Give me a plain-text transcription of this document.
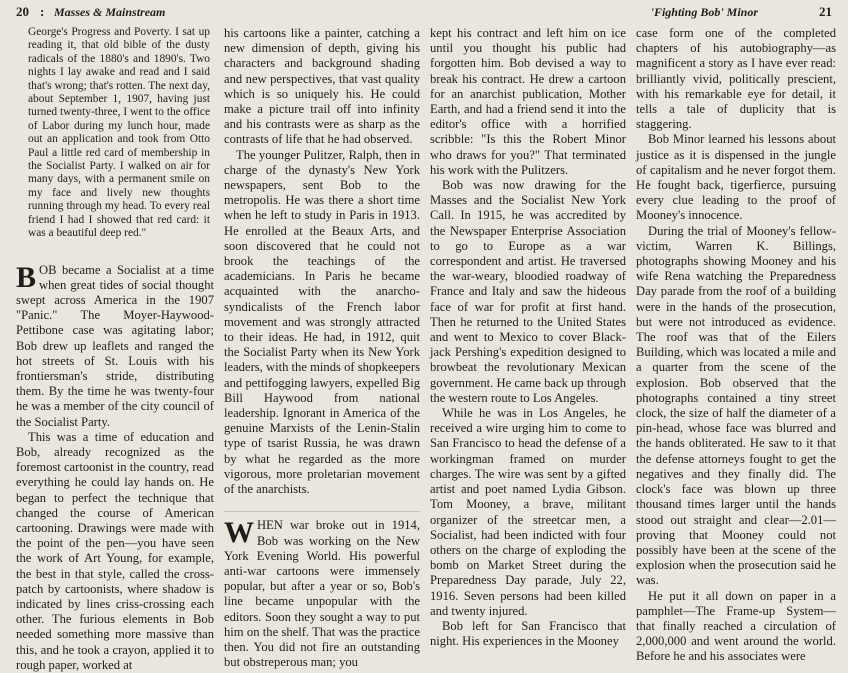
20 : Masses & Mainstream	'Fighting Bob' Minor	21

George's Progress and Poverty. I sat up reading it, that old bible of the dusty radicals of the 1880's and 1890's. Two nights I lay awake and read and I said that's wrong; that's rotten. The next day, about September 1, 1907, having just turned twenty-three, I went to the office of Labor during my lunch hour, made out an application and took from Otto Paul a little red card of membership in the Socialist Party. I walked on air for many days, with a permanent smile on my face and lively new thoughts running through my head. To every real friend I had I showed that red card: it was a beautiful deep red."

BOB became a Socialist at a time when great tides of social thought swept across America in the 1907 "Panic." The Moyer-Haywood-Pettibone case was agitating labor; Bob drew up leaflets and ranged the hot streets of St. Louis with his frontiersman's stride, distributing them. By the time he was twenty-four he was a member of the city council of the Socialist Party.

This was a time of education and Bob, already recognized as the foremost cartoonist in the country, read everything he could lay hands on. He began to perfect the technique that changed the course of American cartooning. Drawings were made with the point of the pen—you have seen the work of Art Young, for example, the best in that style, called the cross-patch by cartoonists, where shadow is indicated by lines criss-crossing each other. The furious elements in Bob needed something more massive than this, and he took a crayon, applied it to rough paper, worked at

his cartoons like a painter, catching a new dimension of depth, giving his characters and background shading and new perspectives, that vast quality which is so uniquely his. He could make a picture trail off into infinity and his contrasts were as sharp as the contrasts of life that he had observed.

The younger Pulitzer, Ralph, then in charge of the dynasty's New York newspapers, sent Bob to the metropolis. He was there a short time when he left to study in Paris in 1913. He enrolled at the Beaux Arts, and soon discovered that he could not brook the teachings of the academicians. In Paris he became acquainted with the anarcho-syndicalists of the French labor movement and was strongly attracted to their ideas. He had, in 1912, quit the Socialist Party when its New York leaders, with the minds of shopkeepers and pettifogging lawyers, expelled Big Bill Haywood from national leadership. Ignorant in America of the genuine Marxists of the Lenin-Stalin type of tsarist Russia, he was drawn by what he regarded as the more vigorous, more proletarian movement of the anarchists.

WHEN war broke out in 1914, Bob was working on the New York Evening World. His powerful anti-war cartoons were immensely popular, but after a year or so, Bob's line became unpopular with the editors. Soon they sought a way to put him on the shelf. That was the practice then. You did not fire an outstanding but obstreperous man; you

kept his contract and left him on ice until you thought his public had forgotten him. Bob devised a way to break his contract. He drew a cartoon for an anarchist publication, Mother Earth, and had a friend send it into the editor's office with a horrified scribble: "Is this the Robert Minor who draws for you?" That terminated his work with the Pulitzers.

Bob was now drawing for the Masses and the Socialist New York Call. In 1915, he was accredited by the Newspaper Enterprise Association to go to Europe as a war correspondent and artist. He traversed the war-weary, bloodied roadway of France and Italy and saw the hideous face of war for profit at first hand. Then he returned to the United States and went to Mexico to cover Black-jack Pershing's expedition designed to browbeat the revolutionary Mexican government. He came back up through the western route to Los Angeles.

While he was in Los Angeles, he received a wire urging him to come to San Francisco to head the defense of a workingman framed on murder charges. The wire was sent by a gifted artist and poet named Lydia Gibson. Tom Mooney, a brave, militant organizer of the streetcar men, a Socialist, had been indicted with four others on the charge of exploding the bomb on Market Street during the Preparedness Day parade, July 22, 1916. Seven persons had been killed and twenty injured.

Bob left for San Francisco that night. His experiences in the Mooney

case form one of the completed chapters of his autobiography—as magnificent a story as I have ever read: brilliantly vivid, politically prescient, with his remarkable eye for detail, it tells a tale of duplicity that is staggering.

Bob Minor learned his lessons about justice as it is dispensed in the jungle of capitalism and he never forgot them. He fought back, tigerfierce, pursuing every clue leading to the proof of Mooney's innocence.

During the trial of Mooney's fellow-victim, Warren K. Billings, photographs showing Mooney and his wife Rena watching the Preparedness Day parade from the roof of a building were in the hands of the prosecution, but were not introduced as evidence. The roof was that of the Eilers Building, which was located a mile and a quarter from the scene of the explosion. Bob observed that the photographs contained a tiny street clock, the size of half the diameter of a pin-head, whose face was blurred and the hands obliterated. He saw to it that the defense attorneys fought to get the negatives and they finally did. The clock's face was blown up three thousand times larger until the hands stood out straight and clear—2.01—proving that Mooney could not possibly have been at the scene of the explosion when the prosecution said he was.

He put it all down on paper in a pamphlet—The Frame-up System—that finally reached a circulation of 2,000,000 and went around the world. Before he and his associates were
